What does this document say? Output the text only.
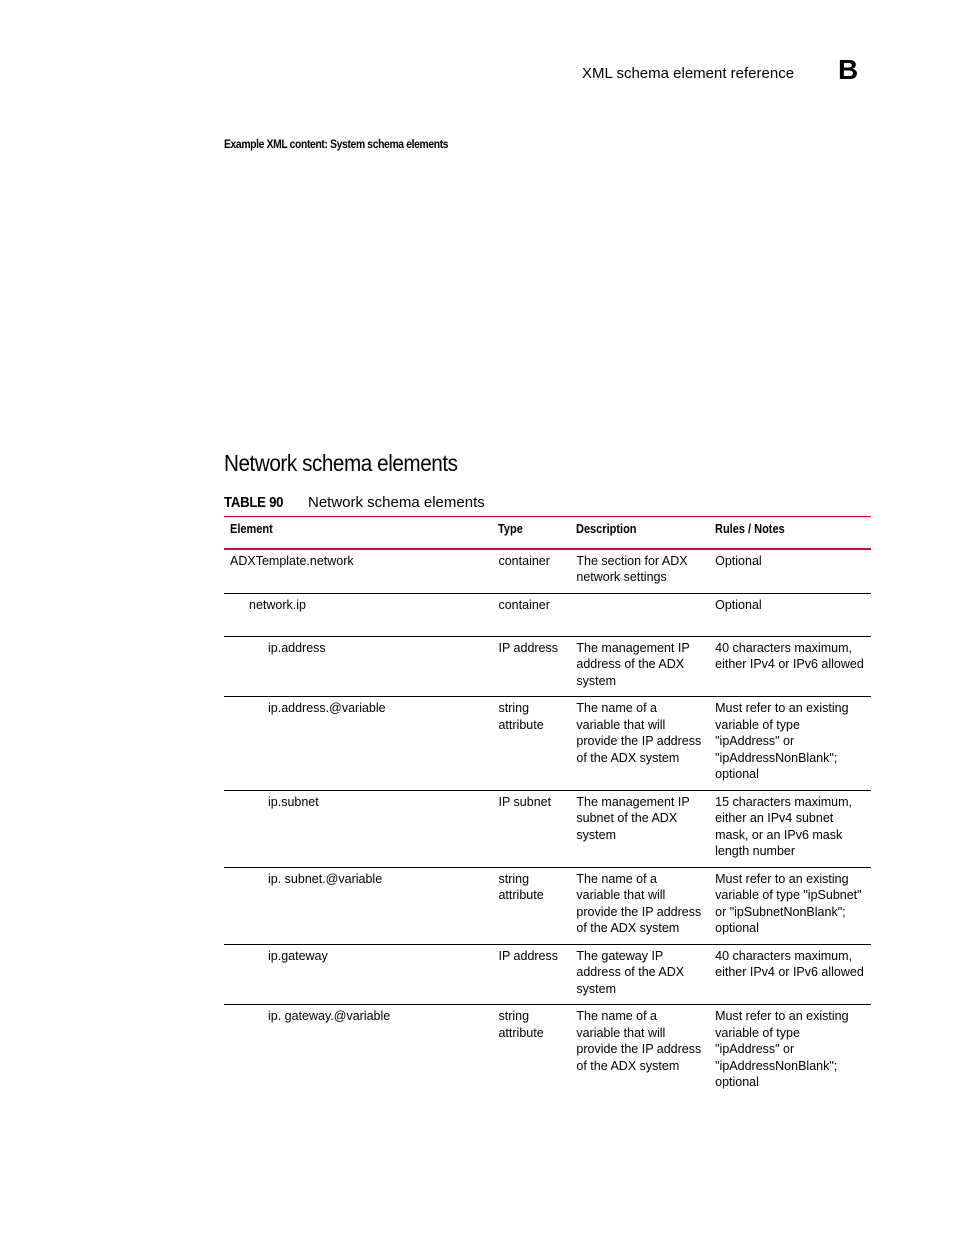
XML schema element reference B
Example XML content: System schema elements
Network schema elements
TABLE 90 Network schema elements
Element	Type	Description	Rules / Notes
ADXTemplate.network	container	The section for ADX network settings	Optional
network.ip	container		Optional
ip.address	IP address	The management IP address of the ADX system	40 characters maximum, either IPv4 or IPv6 allowed
ip.address.@variable	string attribute	The name of a variable that will provide the IP address of the ADX system	Must refer to an existing variable of type "ipAddress" or "ipAddressNonBlank"; optional
ip.subnet	IP subnet	The management IP subnet of the ADX system	15 characters maximum, either an IPv4 subnet mask, or an IPv6 mask length number
ip. subnet.@variable	string attribute	The name of a variable that will provide the IP address of the ADX system	Must refer to an existing variable of type "ipSubnet" or "ipSubnetNonBlank"; optional
ip.gateway	IP address	The gateway IP address of the ADX system	40 characters maximum, either IPv4 or IPv6 allowed
ip. gateway.@variable	string attribute	The name of a variable that will provide the IP address of the ADX system	Must refer to an existing variable of type "ipAddress" or "ipAddressNonBlank"; optional
